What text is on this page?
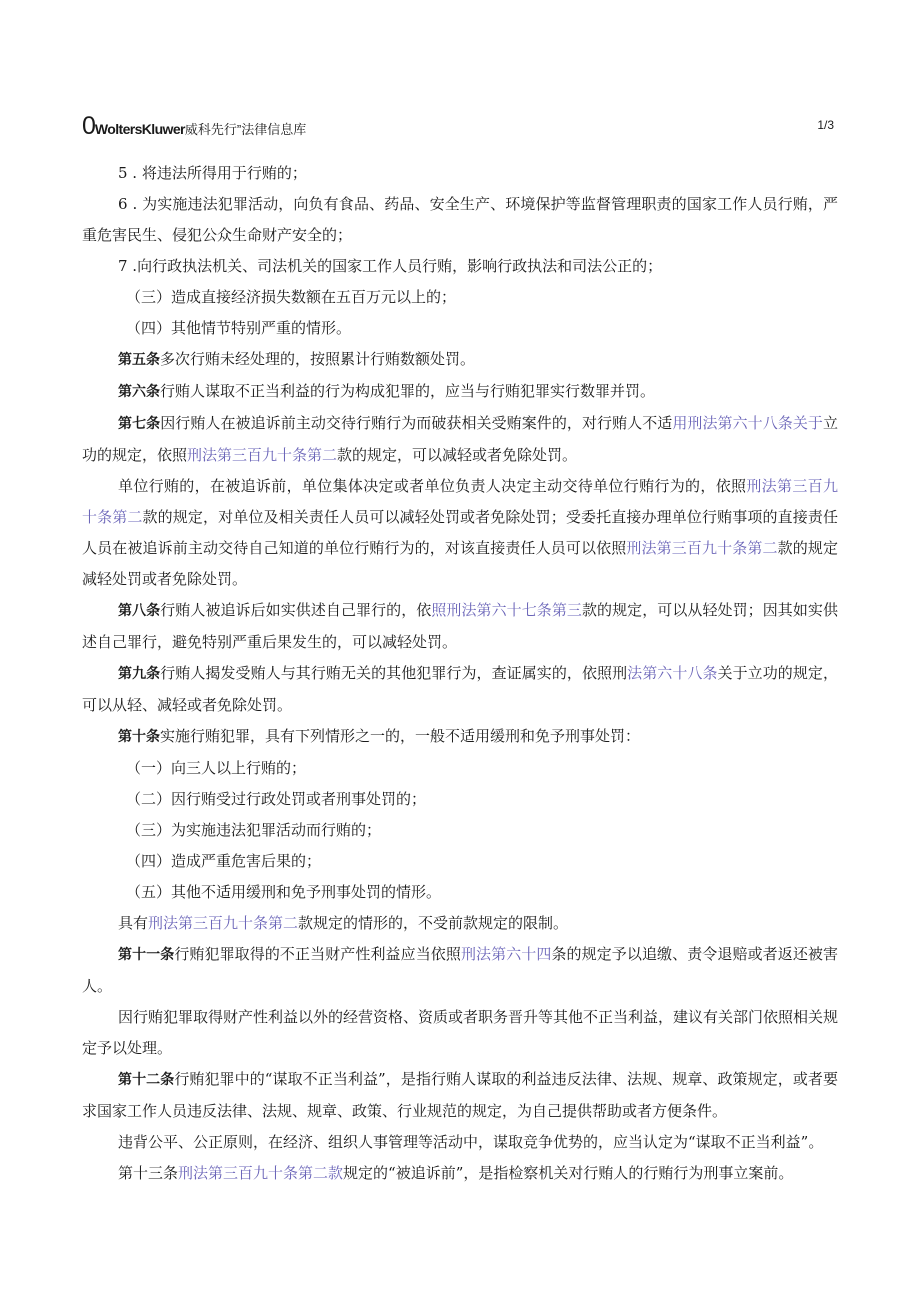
0WoltersKluwer威科先行”法律信息库	1/3

5 . 将违法所得用于行贿的；

6 . 为实施违法犯罪活动，向负有食品、药品、安全生产、环境保护等监督管理职责的国家工作人员行贿，严重危害民生、侵犯公众生命财产安全的；

7 .向行政执法机关、司法机关的国家工作人员行贿，影响行政执法和司法公正的；

（三）造成直接经济损失数额在五百万元以上的；

（四）其他情节特别严重的情形。

第五条多次行贿未经处理的，按照累计行贿数额处罚。

第六条行贿人谋取不正当利益的行为构成犯罪的，应当与行贿犯罪实行数罪并罚。

第七条因行贿人在被追诉前主动交待行贿行为而破获相关受贿案件的，对行贿人不适用刑法第六十八条关于立功的规定，依照刑法第三百九十条第二款的规定，可以减轻或者免除处罚。

单位行贿的，在被追诉前，单位集体决定或者单位负责人决定主动交待单位行贿行为的，依照刑法第三百九十条第二款的规定，对单位及相关责任人员可以减轻处罚或者免除处罚；受委托直接办理单位行贿事项的直接责任人员在被追诉前主动交待自己知道的单位行贿行为的，对该直接责任人员可以依照刑法第三百九十条第二款的规定减轻处罚或者免除处罚。

第八条行贿人被追诉后如实供述自己罪行的，依照刑法第六十七条第三款的规定，可以从轻处罚；因其如实供述自己罪行，避免特别严重后果发生的，可以减轻处罚。

第九条行贿人揭发受贿人与其行贿无关的其他犯罪行为，查证属实的，依照刑法第六十八条关于立功的规定，可以从轻、减轻或者免除处罚。

第十条实施行贿犯罪，具有下列情形之一的，一般不适用缓刑和免予刑事处罚：

（一）向三人以上行贿的；

（二）因行贿受过行政处罚或者刑事处罚的；

（三）为实施违法犯罪活动而行贿的；

（四）造成严重危害后果的；

（五）其他不适用缓刑和免予刑事处罚的情形。

具有刑法第三百九十条第二款规定的情形的，不受前款规定的限制。

第十一条行贿犯罪取得的不正当财产性利益应当依照刑法第六十四条的规定予以追缴、责令退赔或者返还被害人。

因行贿犯罪取得财产性利益以外的经营资格、资质或者职务晋升等其他不正当利益，建议有关部门依照相关规定予以处理。

第十二条行贿犯罪中的“谋取不正当利益”，是指行贿人谋取的利益违反法律、法规、规章、政策规定，或者要求国家工作人员违反法律、法规、规章、政策、行业规范的规定，为自己提供帮助或者方便条件。

违背公平、公正原则，在经济、组织人事管理等活动中，谋取竞争优势的，应当认定为“谋取不正当利益”。

第十三条刑法第三百九十条第二款规定的“被追诉前”，是指检察机关对行贿人的行贿行为刑事立案前。
